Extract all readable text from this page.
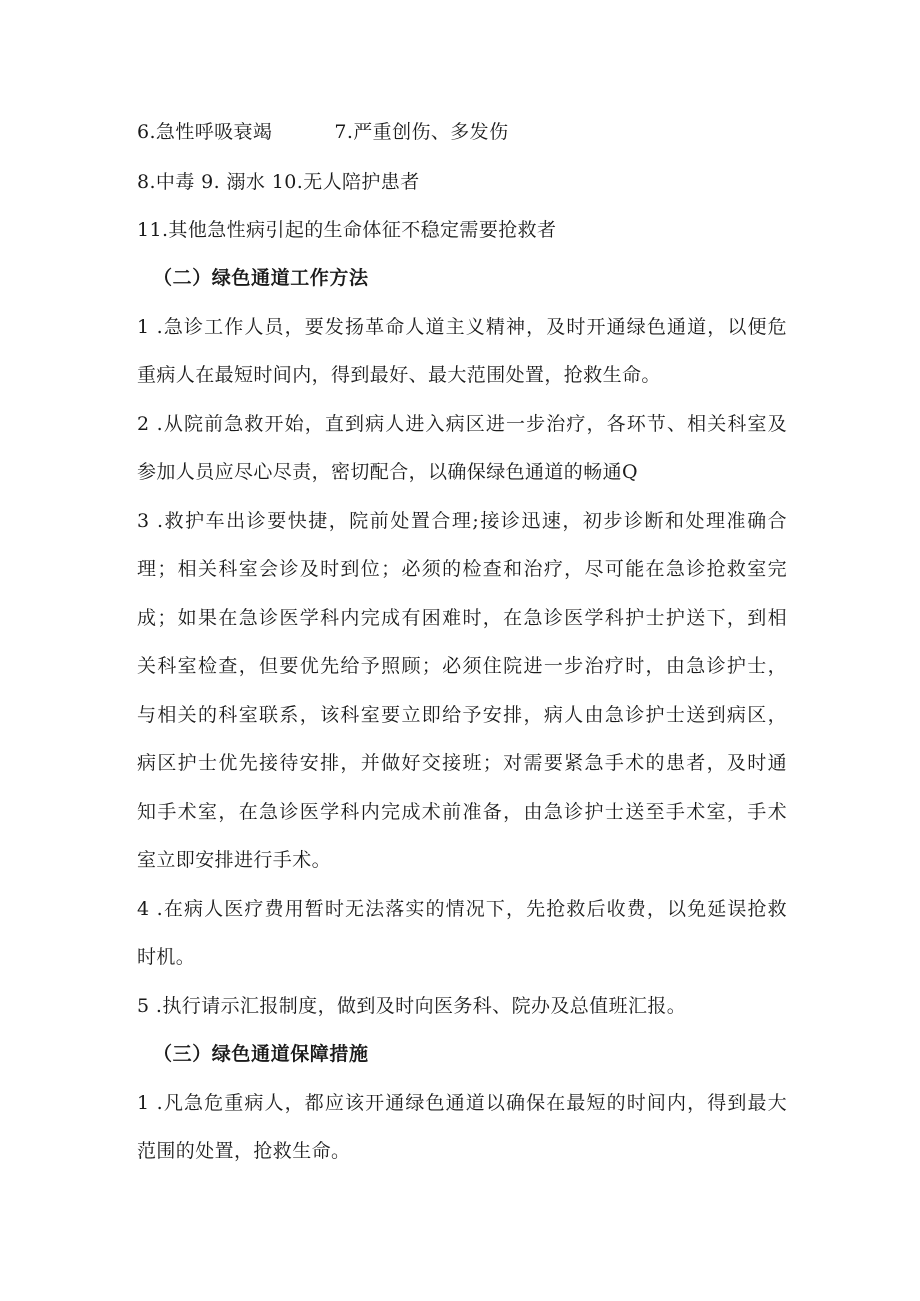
6.急性呼吸衰竭	7.严重创伤、多发伤
8.中毒 9. 溺水 10.无人陪护患者
11.其他急性病引起的生命体征不稳定需要抢救者
（二）绿色通道工作方法
1 .急诊工作人员，要发扬革命人道主义精神，及时开通绿色通道，以便危
重病人在最短时间内，得到最好、最大范围处置，抢救生命。
2 .从院前急救开始，直到病人进入病区进一步治疗，各环节、相关科室及
参加人员应尽心尽责，密切配合，以确保绿色通道的畅通Q
3 .救护车出诊要快捷，院前处置合理;接诊迅速，初步诊断和处理准确合
理；相关科室会诊及时到位；必须的检查和治疗，尽可能在急诊抢救室完
成；如果在急诊医学科内完成有困难时，在急诊医学科护士护送下，到相
关科室检查，但要优先给予照顾；必须住院进一步治疗时，由急诊护士，
与相关的科室联系，该科室要立即给予安排，病人由急诊护士送到病区，
病区护士优先接待安排，并做好交接班；对需要紧急手术的患者，及时通
知手术室，在急诊医学科内完成术前准备，由急诊护士送至手术室，手术
室立即安排进行手术。
4 .在病人医疗费用暂时无法落实的情况下，先抢救后收费，以免延误抢救
时机。
5 .执行请示汇报制度，做到及时向医务科、院办及总值班汇报。
（三）绿色通道保障措施
1 .凡急危重病人，都应该开通绿色通道以确保在最短的时间内，得到最大
范围的处置，抢救生命。
